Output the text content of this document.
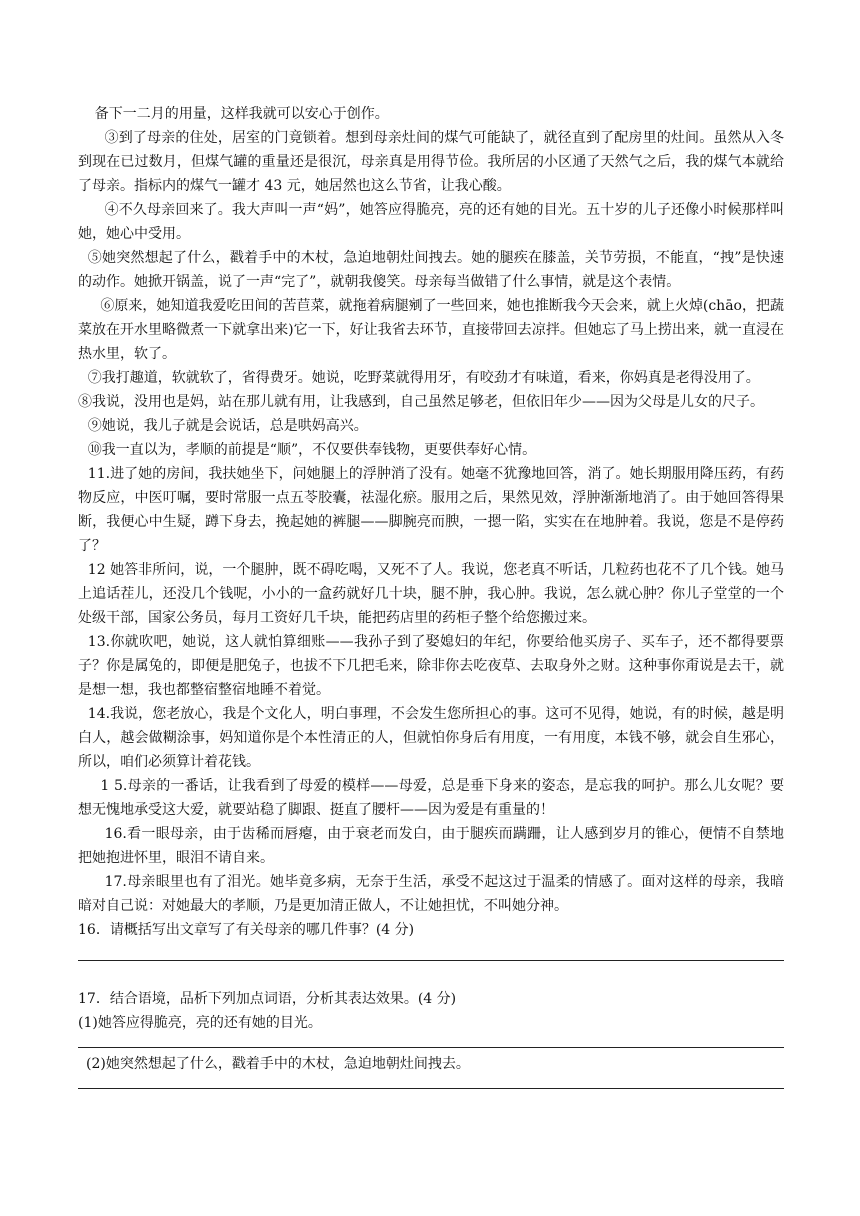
备下一二月的用量，这样我就可以安心于创作。

③到了母亲的住处，居室的门竟锁着。想到母亲灶间的煤气可能缺了，就径直到了配房里的灶间。虽然从入冬到现在已过数月，但煤气罐的重量还是很沉，母亲真是用得节俭。我所居的小区通了天然气之后，我的煤气本就给了母亲。指标内的煤气一罐才 43 元，她居然也这么节省，让我心酸。

④不久母亲回来了。我大声叫一声“妈”，她答应得脆亮，亮的还有她的目光。五十岁的儿子还像小时候那样叫她，她心中受用。

⑤她突然想起了什么，戳着手中的木杖，急迫地朝灶间拽去。她的腿疾在膝盖，关节劳损，不能直，“拽”是快速的动作。她掀开锅盖，说了一声“完了”，就朝我傻笑。母亲每当做错了什么事情，就是这个表情。

⑥原来，她知道我爱吃田间的苦苣菜，就拖着病腿剜了一些回来，她也推断我今天会来，就上火焯(chāo，把蔬菜放在开水里略微煮一下就拿出来)它一下，好让我省去环节，直接带回去凉拌。但她忘了马上捞出来，就一直浸在热水里，软了。

⑦我打趣道，软就软了，省得费牙。她说，吃野菜就得用牙，有咬劲才有味道，看来，你妈真是老得没用了。

⑧我说，没用也是妈，站在那儿就有用，让我感到，自己虽然足够老，但依旧年少——因为父母是儿女的尺子。

⑨她说，我儿子就是会说话，总是哄妈高兴。

⑩我一直以为，孝顺的前提是“顺”，不仅要供奉钱物，更要供奉好心情。

11.进了她的房间，我扶她坐下，问她腿上的浮肿消了没有。她毫不犹豫地回答，消了。她长期服用降压药，有药物反应，中医叮嘱，要时常服一点五苓胶囊，祛湿化瘀。服用之后，果然见效，浮肿渐渐地消了。由于她回答得果断，我便心中生疑，蹲下身去，挽起她的裤腿——脚腕亮而腴，一摁一陷，实实在在地肿着。我说，您是不是停药了？

12 她答非所问，说，一个腿肿，既不碍吃喝，又死不了人。我说，您老真不听话，几粒药也花不了几个钱。她马上追话茬儿，还没几个钱呢，小小的一盒药就好几十块，腿不肿，我心肿。我说，怎么就心肿？你儿子堂堂的一个处级干部，国家公务员，每月工资好几千块，能把药店里的药柜子整个给您搬过来。

13.你就吹吧，她说，这人就怕算细账——我孙子到了娶媳妇的年纪，你要给他买房子、买车子，还不都得要票子？你是属兔的，即便是肥兔子，也拔不下几把毛来，除非你去吃夜草、去取身外之财。这种事你甭说是去干，就是想一想，我也都整宿整宿地睡不着觉。

14.我说，您老放心，我是个文化人，明白事理，不会发生您所担心的事。这可不见得，她说，有的时候，越是明白人，越会做糊涂事，妈知道你是个本性清正的人，但就怕你身后有用度，一有用度，本钱不够，就会自生邪心，所以，咱们必须算计着花钱。

1 5.母亲的一番话，让我看到了母爱的模样——母爱，总是垂下身来的姿态，是忘我的呵护。那么儿女呢？要想无愧地承受这大爱，就要站稳了脚跟、挺直了腰杆——因为爱是有重量的！

16.看一眼母亲，由于齿稀而唇瘪，由于衰老而发白，由于腿疾而蹒跚，让人感到岁月的锥心，便情不自禁地把她抱进怀里，眼泪不请自来。

17.母亲眼里也有了泪光。她毕竟多病，无奈于生活，承受不起这过于温柔的情感了。面对这样的母亲，我暗暗对自己说：对她最大的孝顺，乃是更加清正做人，不让她担忧，不叫她分神。

16．请概括写出文章写了有关母亲的哪几件事？(4 分)

17．结合语境，品析下列加点词语，分析其表达效果。(4 分)

(1)她答应得脆亮，亮的还有她的目光。

(2)她突然想起了什么，戳着手中的木杖，急迫地朝灶间拽去。
